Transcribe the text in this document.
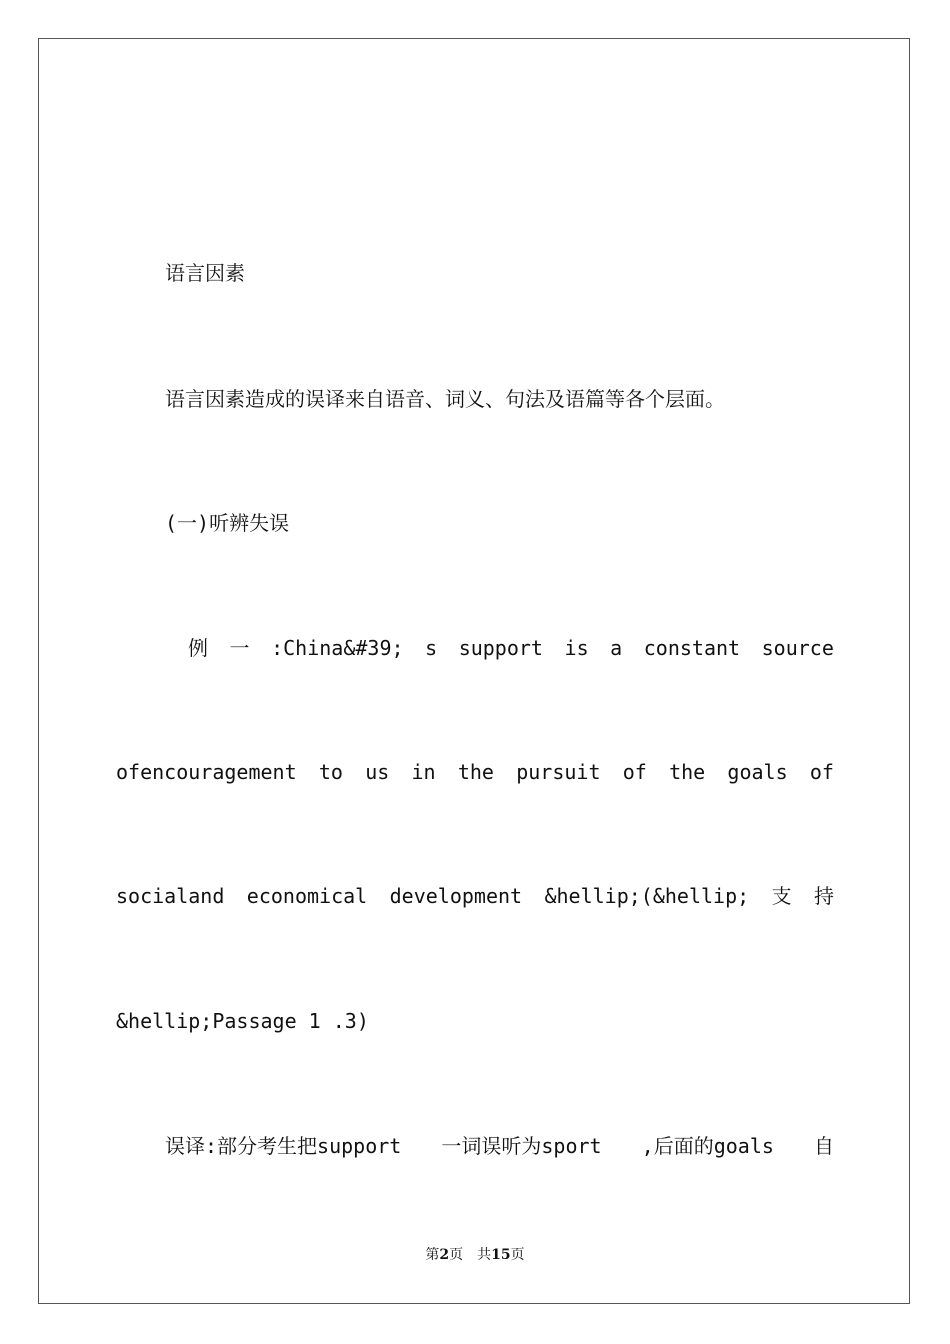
语言因素
语言因素造成的误译来自语音、词义、句法及语篇等各个层面。
(一)听辨失误
例 一 :China&#39; s support is a constant source
ofencouragement to us in the pursuit of the goals of
socialand economical development &hellip;(&hellip; 支 持
&hellip;Passage 1 .3)
误译:部分考生把support 一词误听为sport ,后面的goals 自
第2页 共15页
